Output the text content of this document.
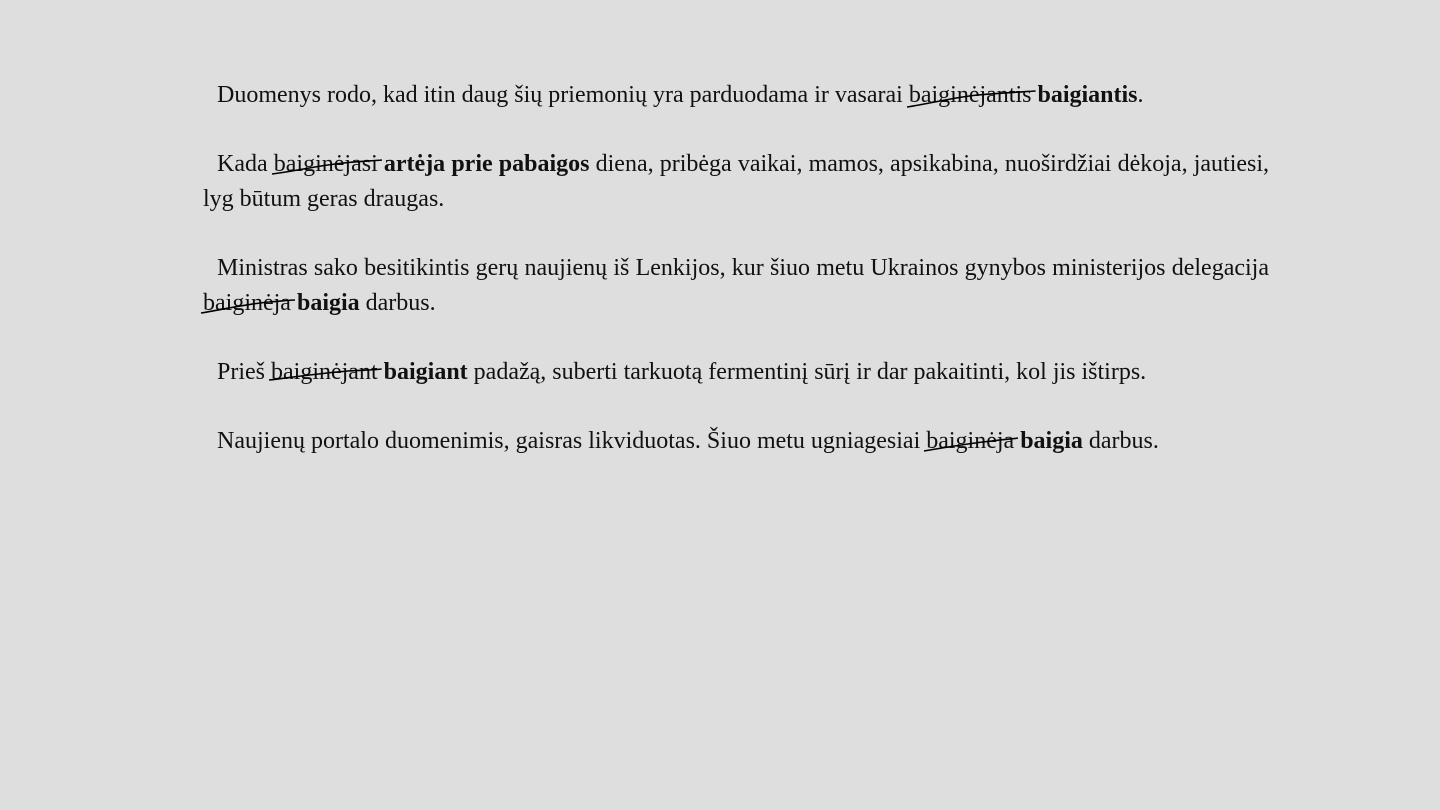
Duomenys rodo, kad itin daug šių priemonių yra parduodama ir vasarai baiginėjantis baigiantis.

Kada baiginėjasi artėja prie pabaigos diena, pribėga vaikai, mamos, apsikabina, nuoširdžiai dėkoja, jautiesi, lyg būtum geras draugas.

Ministras sako besitikintis gerų naujienų iš Lenkijos, kur šiuo metu Ukrainos gynybos ministerijos delegacija baiginėja baigia darbus.

Prieš baiginėjant baigiant padažą, suberti tarkuotą fermentinį sūrį ir dar pakaitinti, kol jis ištirps.

Naujienų portalo duomenimis, gaisras likviduotas. Šiuo metu ugniagesiai baiginėja baigia darbus.
